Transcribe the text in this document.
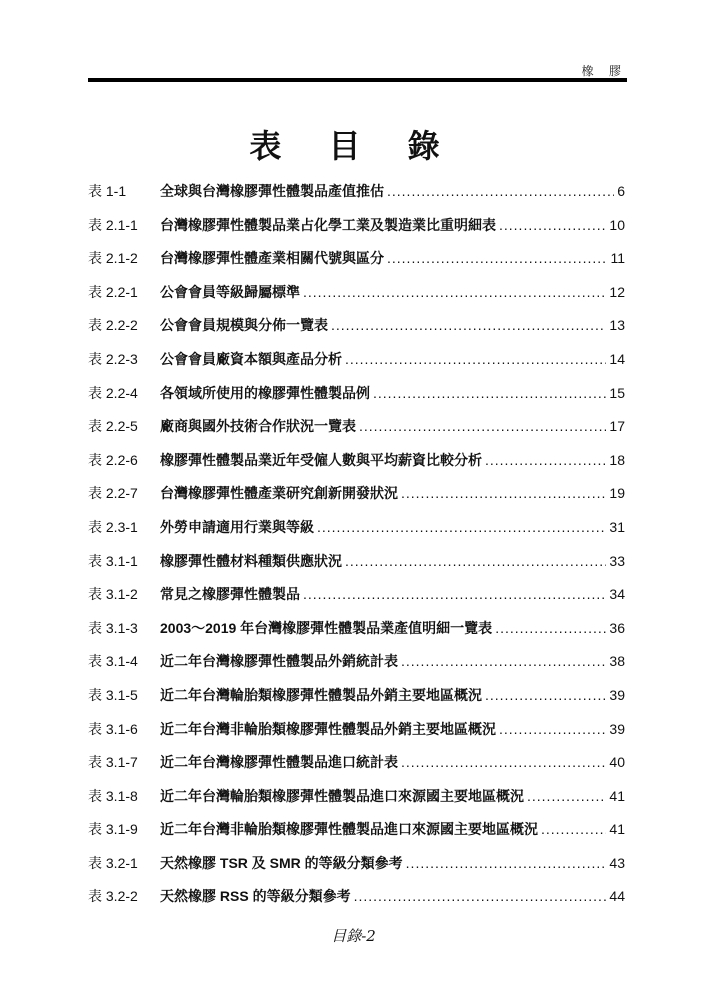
橡 膠
表 目 錄
表 1-1	全球與台灣橡膠彈性體製品產值推估 .....	6
表 2.1-1	台灣橡膠彈性體製品業占化學工業及製造業比重明細表 .....	10
表 2.1-2	台灣橡膠彈性體產業相關代號與區分 .....	11
表 2.2-1	公會會員等級歸屬標準 .....	12
表 2.2-2	公會會員規模與分佈一覽表 .....	13
表 2.2-3	公會會員廠資本額與產品分析 .....	14
表 2.2-4	各領域所使用的橡膠彈性體製品例 .....	15
表 2.2-5	廠商與國外技術合作狀況一覽表 .....	17
表 2.2-6	橡膠彈性體製品業近年受僱人數與平均薪資比較分析 .....	18
表 2.2-7	台灣橡膠彈性體產業研究創新開發狀況 .....	19
表 2.3-1	外勞申請適用行業與等級 .....	31
表 3.1-1	橡膠彈性體材料種類供應狀況 .....	33
表 3.1-2	常見之橡膠彈性體製品 .....	34
表 3.1-3	2003～2019 年台灣橡膠彈性體製品業產值明細一覽表 .....	36
表 3.1-4	近二年台灣橡膠彈性體製品外銷統計表 .....	38
表 3.1-5	近二年台灣輪胎類橡膠彈性體製品外銷主要地區概況 .....	39
表 3.1-6	近二年台灣非輪胎類橡膠彈性體製品外銷主要地區概況 .....	39
表 3.1-7	近二年台灣橡膠彈性體製品進口統計表 .....	40
表 3.1-8	近二年台灣輪胎類橡膠彈性體製品進口來源國主要地區概況 .....	41
表 3.1-9	近二年台灣非輪胎類橡膠彈性體製品進口來源國主要地區概況 .....	41
表 3.2-1	天然橡膠 TSR 及 SMR 的等級分類參考 .....	43
表 3.2-2	天然橡膠 RSS 的等級分類參考 .....	44
目錄-2
